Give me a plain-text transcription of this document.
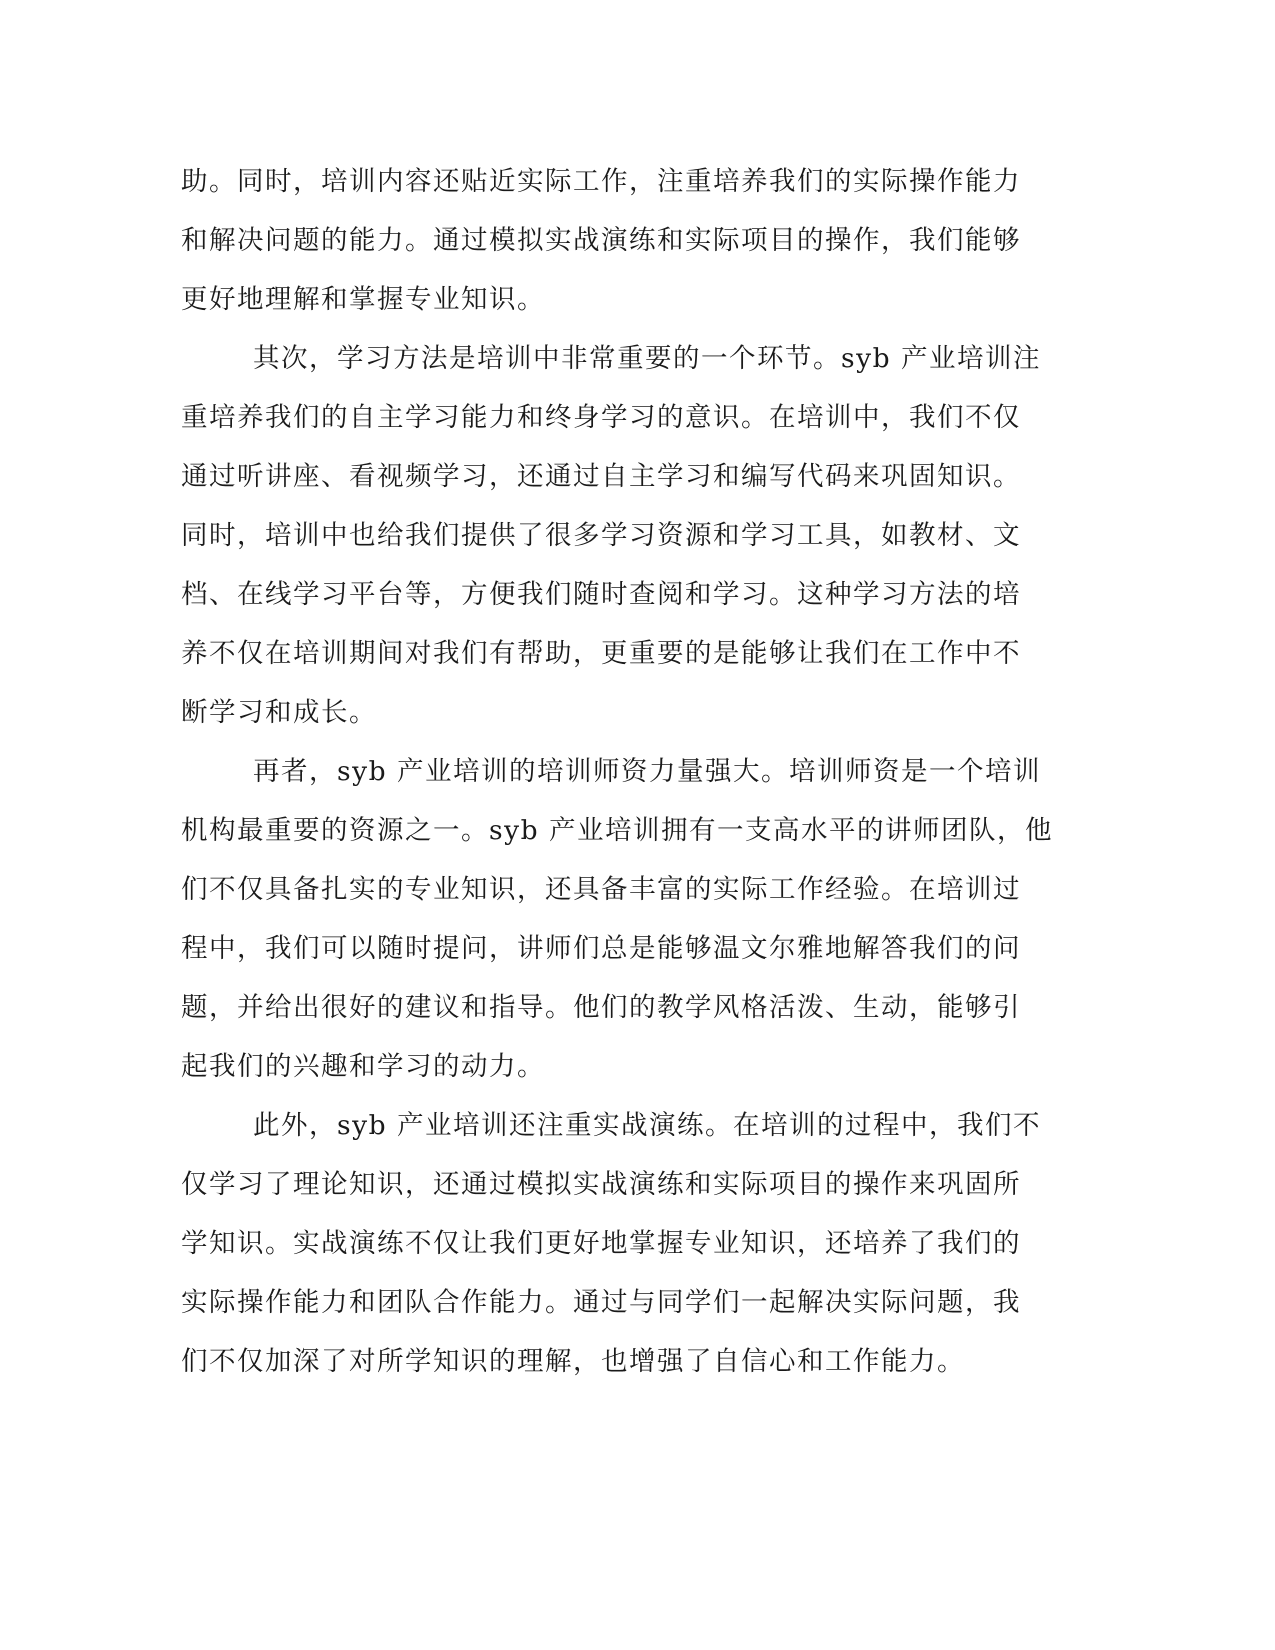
助。同时，培训内容还贴近实际工作，注重培养我们的实际操作能力
和解决问题的能力。通过模拟实战演练和实际项目的操作，我们能够
更好地理解和掌握专业知识。
其次，学习方法是培训中非常重要的一个环节。syb 产业培训注
重培养我们的自主学习能力和终身学习的意识。在培训中，我们不仅
通过听讲座、看视频学习，还通过自主学习和编写代码来巩固知识。
同时，培训中也给我们提供了很多学习资源和学习工具，如教材、文
档、在线学习平台等，方便我们随时查阅和学习。这种学习方法的培
养不仅在培训期间对我们有帮助，更重要的是能够让我们在工作中不
断学习和成长。
再者，syb 产业培训的培训师资力量强大。培训师资是一个培训
机构最重要的资源之一。syb 产业培训拥有一支高水平的讲师团队，他
们不仅具备扎实的专业知识，还具备丰富的实际工作经验。在培训过
程中，我们可以随时提问，讲师们总是能够温文尔雅地解答我们的问
题，并给出很好的建议和指导。他们的教学风格活泼、生动，能够引
起我们的兴趣和学习的动力。
此外，syb 产业培训还注重实战演练。在培训的过程中，我们不
仅学习了理论知识，还通过模拟实战演练和实际项目的操作来巩固所
学知识。实战演练不仅让我们更好地掌握专业知识，还培养了我们的
实际操作能力和团队合作能力。通过与同学们一起解决实际问题，我
们不仅加深了对所学知识的理解，也增强了自信心和工作能力。
